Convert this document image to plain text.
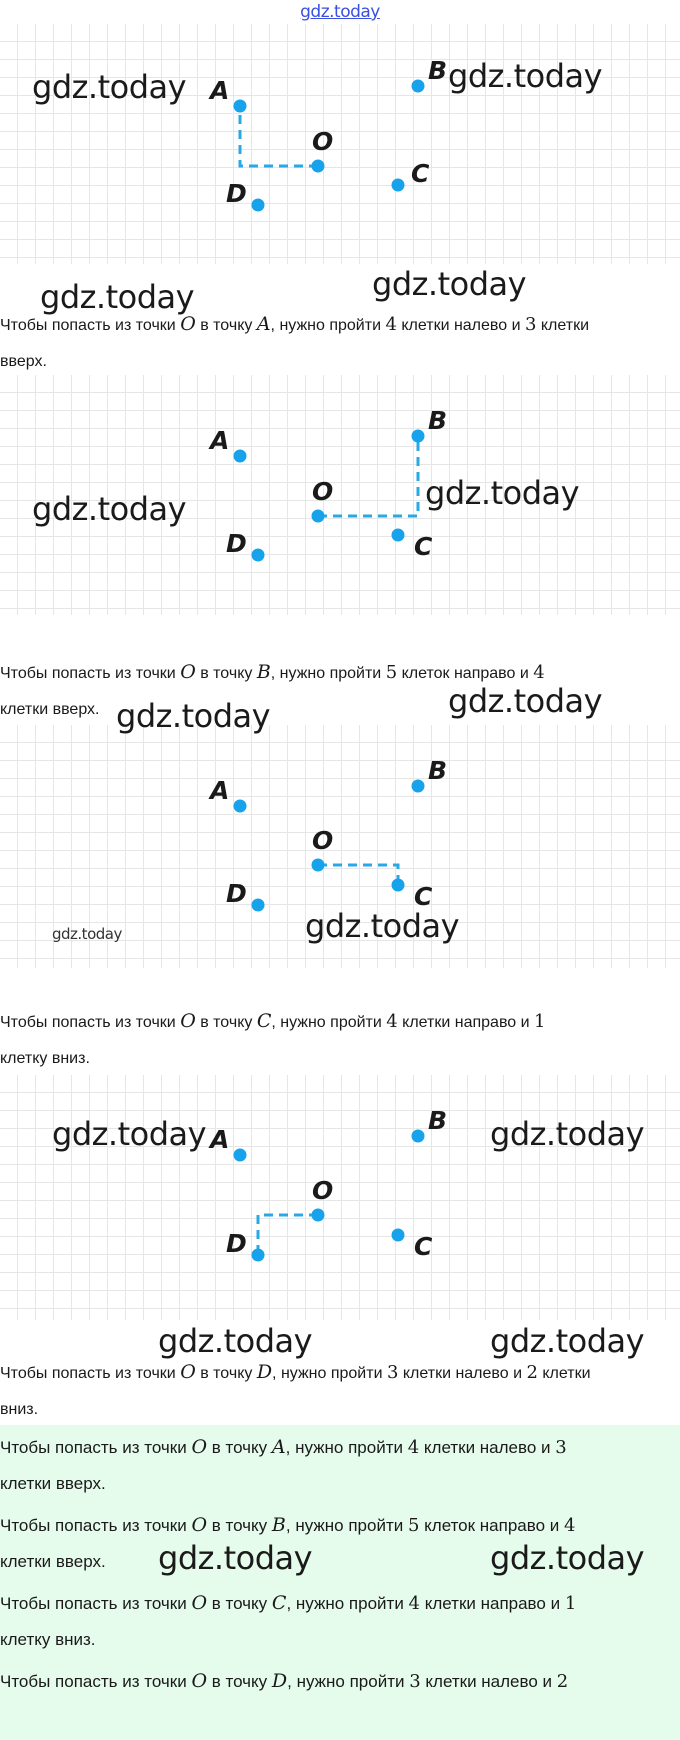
gdz.today
A
B
O
C
D

Чтобы попасть из точки O в точку A, нужно пройти 4 клетки налево и 3 клетки
вверх.

A
B
O
C
D

Чтобы попасть из точки O в точку B, нужно пройти 5 клеток направо и 4
клетки вверх.

A
B
O
C
D

Чтобы попасть из точки O в точку C, нужно пройти 4 клетки направо и 1
клетку вниз.

A
B
O
C
D

Чтобы попасть из точки O в точку D, нужно пройти 3 клетки налево и 2 клетки
вниз.

Чтобы попасть из точки O в точку A, нужно пройти 4 клетки налево и 3
клетки вверх.

Чтобы попасть из точки O в точку B, нужно пройти 5 клеток направо и 4
клетки вверх.

Чтобы попасть из точки O в точку C, нужно пройти 4 клетки направо и 1
клетку вниз.

Чтобы попасть из точки O в точку D, нужно пройти 3 клетки налево и 2

gdz.today	gdz.today
gdz.today	gdz.today
gdz.today	gdz.today
gdz.today
gdz.today
gdz.today	gdz.today
gdz.today	gdz.today
gdz.today	gdz.today
gdz.today	gdz.today
